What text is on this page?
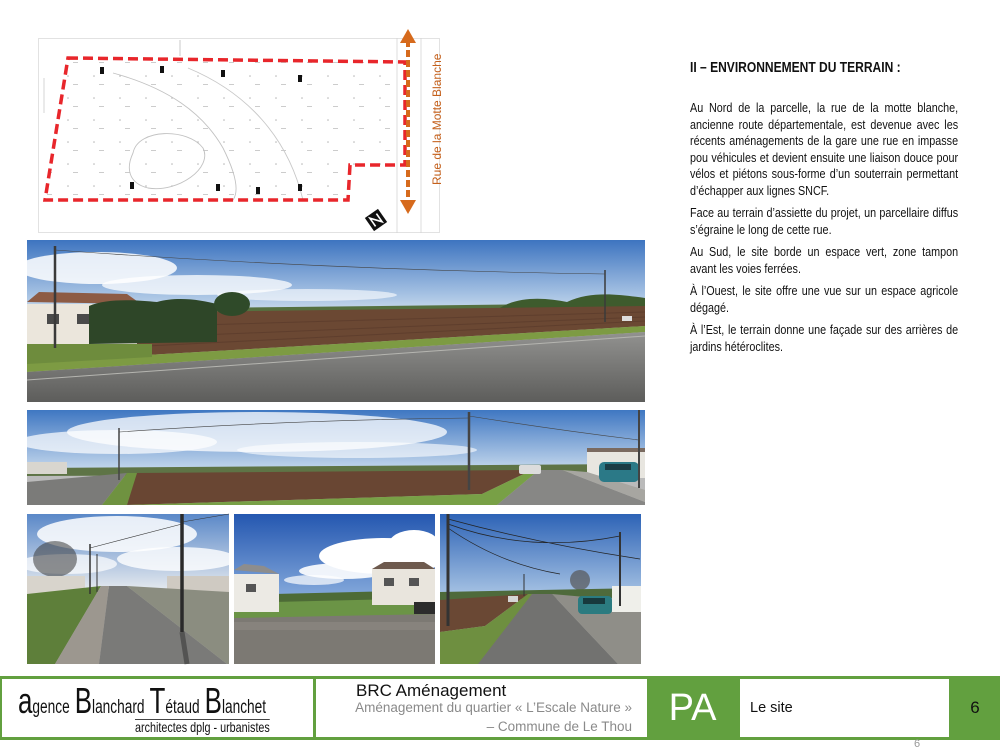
Rue de la Motte Blanche	II – ENVIRONNEMENT DU TERRAIN :

Au Nord de la parcelle, la rue de la motte blanche, ancienne route départementale, est devenue avec les récents aménagements de la gare une rue en impasse pou véhicules et devient ensuite une liaison douce pour vélos et piétons sous-forme d’un souterrain permettant d’échapper aux lignes SNCF.

Face au terrain d’assiette du projet, un parcellaire diffus s’égraine le long de cette rue.

Au Sud, le site borde un espace vert, zone tampon avant les voies ferrées.

À l’Ouest, le site offre une vue sur un espace agricole dégagé.

À l’Est, le terrain donne une façade sur des arrières de jardins hétéroclites.

agence Blanchard Tétaud Blanchet
architectes dplg - urbanistes
BRC Aménagement
Aménagement du quartier « L’Escale Nature »
– Commune de Le Thou PA	Le site	6
6
